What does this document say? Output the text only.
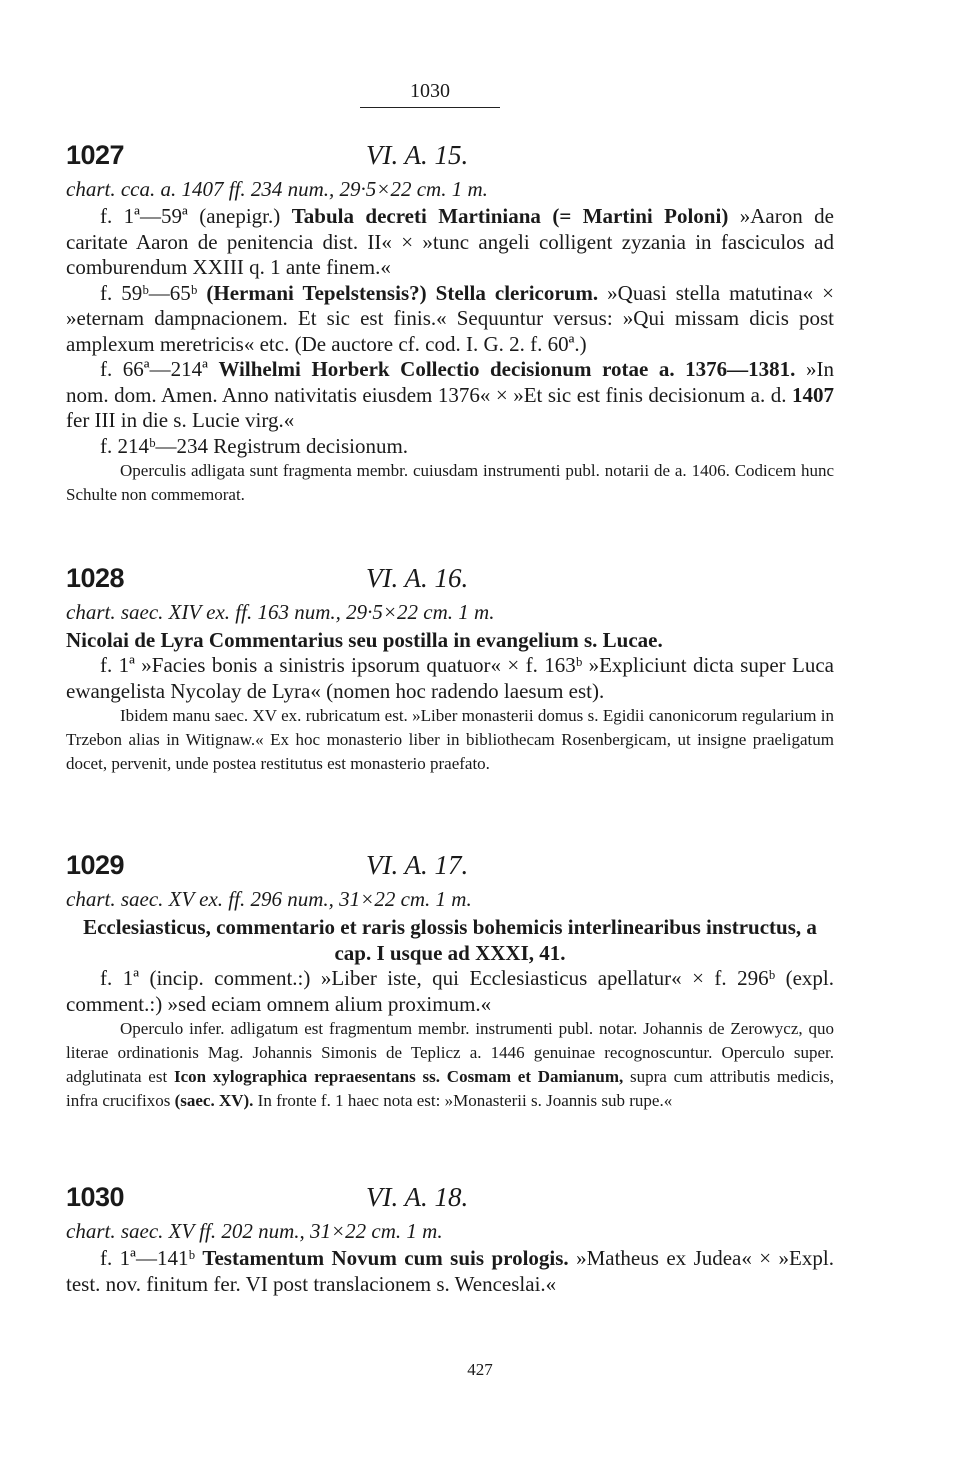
1030
1027	VI. A. 15.

chart. cca. a. 1407 ff. 234 num., 29·5×22 cm. 1 m.

f. 1ª—59ª (anepigr.) Tabula decreti Martiniana (= Martini Poloni) »Aaron de caritate Aaron de penitencia dist. II« × »tunc angeli colligent zyzania in fasciculos ad comburendum XXIII q. 1 ante finem.«

f. 59ᵇ—65ᵇ (Hermani Tepelstensis?) Stella clericorum. »Quasi stella matutina« × »eternam dampnacionem. Et sic est finis.« Sequuntur versus: »Qui missam dicis post amplexum meretricis« etc. (De auctore cf. cod. I. G. 2. f. 60ª.)

f. 66ª—214ª Wilhelmi Horberk Collectio decisionum rotae a. 1376—1381. »In nom. dom. Amen. Anno nativitatis eiusdem 1376« × »Et sic est finis decisionum a. d. 1407 fer III in die s. Lucie virg.«

f. 214ᵇ—234 Registrum decisionum.

Operculis adligata sunt fragmenta membr. cuiusdam instrumenti publ. notarii de a. 1406. Codicem hunc Schulte non commemorat.

1028	VI. A. 16.

chart. saec. XIV ex. ff. 163 num., 29·5×22 cm. 1 m.

Nicolai de Lyra Commentarius seu postilla in evangelium s. Lucae.

f. 1ª »Facies bonis a sinistris ipsorum quatuor« × f. 163ᵇ »Expliciunt dicta super Luca ewangelista Nycolay de Lyra« (nomen hoc radendo laesum est).

Ibidem manu saec. XV ex. rubricatum est. »Liber monasterii domus s. Egidii canonicorum regularium in Trzebon alias in Witignaw.« Ex hoc monasterio liber in bibliothecam Rosenbergicam, ut insigne praeligatum docet, pervenit, unde postea restitutus est monasterio praefato.

1029	VI. A. 17.

chart. saec. XV ex. ff. 296 num., 31×22 cm. 1 m.

Ecclesiasticus, commentario et raris glossis bohemicis interlinearibus instructus, a cap. I usque ad XXXI, 41.

f. 1ª (incip. comment.:) »Liber iste, qui Ecclesiasticus apellatur« × f. 296ᵇ (expl. comment.:) »sed eciam omnem alium proximum.«

Operculo infer. adligatum est fragmentum membr. instrumenti publ. notar. Johannis de Zerowycz, quo literae ordinationis Mag. Johannis Simonis de Teplicz a. 1446 genuinae recognoscuntur. Operculo super. adglutinata est Icon xylographica repraesentans ss. Cosmam et Damianum, supra cum attributis medicis, infra crucifixos (saec. XV). In fronte f. 1 haec nota est: »Monasterii s. Joannis sub rupe.«

1030	VI. A. 18.

chart. saec. XV ff. 202 num., 31×22 cm. 1 m.

f. 1ª—141ᵇ Testamentum Novum cum suis prologis. »Matheus ex Judea« × »Expl. test. nov. finitum fer. VI post translacionem s. Wenceslai.«

427
